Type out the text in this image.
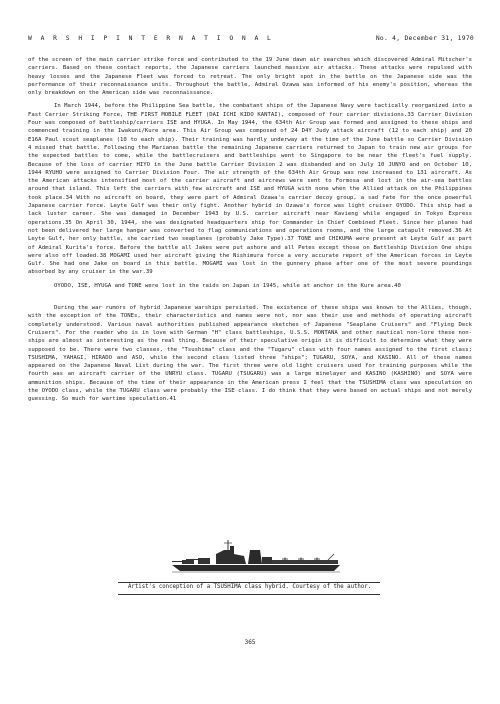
W A R S H I P I N T E R N A T I O N A L	No. 4, December 31, 1970

of the screen of the main carrier strike force and contributed to the 19 June dawn air searches which discovered Admiral Mitscher's carriers. Based on these contact reports, the Japanese carriers launched massive air attacks. These attacks were repulsed with heavy losses and the Japanese Fleet was forced to retreat. The only bright spot in the battle on the Japanese side was the performance of their reconnaissance units. Throughout the battle, Admiral Ozawa was informed of his enemy's position, whereas the only breakdown on the American side was reconnaissance.

In March 1944, before the Philippine Sea battle, the combatant ships of the Japanese Navy were tactically reorganized into a Fast Carrier Striking Force, THE FIRST MOBILE FLEET (DAI ICHI KIDO KANTAI), composed of four carrier divisions.33 Carrier Division Four was composed of battleship/carriers ISE and HYUGA. In May 1944, the 634th Air Group was formed and assigned to these ships and commenced training in the Iwakuni/Kure area. This Air Group was composed of 24 D4Y Judy attack aircraft (12 to each ship) and 20 E16A Paul scout seaplanes (10 to each ship). Their training was hardly underway at the time of the June battle so Carrier Division 4 missed that battle. Following the Marianas battle the remaining Japanese carriers returned to Japan to train new air groups for the expected battles to come, while the battlecruisers and battleships went to Singapore to be near the fleet's fuel supply. Because of the loss of carrier HIYO in the June battle Carrier Division 2 was disbanded and on July 10 JUNYO and on October 10, 1944 RYUHO were assigned to Carrier Division Four. The air strength of the 634th Air Group was now increased to 131 aircraft. As the American attacks intensified most of the carrier aircraft and aircrews were sent to Formosa and lost in the air-sea battles around that island. This left the carriers with few aircraft and ISE and HYUGA with none when the Allied attack on the Philippines took place.34 With no aircraft on board, they were part of Admiral Ozawa's carrier decoy group, a sad fate for the once powerful Japanese carrier force. Leyte Gulf was their only fight. Another hybrid in Ozawa's force was light cruiser OYODO. This ship had a lack luster career. She was damaged in December 1943 by U.S. carrier aircraft near Kavieng while engaged in Tokyo Express operations.35 On April 30, 1944, she was designated headquarters ship for Commander in Chief Combined Fleet. Since her planes had not been delivered her large hangar was converted to flag communications and operations rooms, and the large catapult removed.36 At Leyte Gulf, her only battle, she carried two seaplanes (probably Jake Type).37 TONE and CHIKUMA were present at Leyte Gulf as part of Admiral Kurita's force. Before the battle all Jakes were put ashore and all Petes except those on Battleship Division One ships were also off loaded.38 MOGAMI used her aircraft giving the Nishimura force a very accurate report of the American forces in Leyte Gulf. She had one Jake on board in this battle. MOGAMI was lost in the gunnery phase after one of the most severe poundings absorbed by any cruiser in the war.39

OYODO, ISE, HYUGA and TONE were lost in the raids on Japan in 1945, while at anchor in the Kure area.40

During the war rumors of hybrid Japanese warships persisted. The existence of these ships was known to the Allies, though, with the exception of the TONEs, their characteristics and names were not, nor was their use and methods of operating aircraft completely understood. Various naval authorities published appearance sketches of Japanese "Seaplane Cruisers" and "Flying Deck Cruisers". For the reader who is in love with German "H" class battleships, U.S.S. MONTANA and other nautical non-lore these non-ships are almost as interesting as the real thing. Because of their speculative origin it is difficult to determine what they were supposed to be. There were two classes, the "Tsushima" class and the "Tugaru" class with four names assigned to the first class; TSUSHIMA, YAHAGI, HIRADO and ASO, while the second class listed three "ships"; TUGARU, SOYA, and KASINO. All of these names appeared on the Japanese Naval List during the war. The first three were old light cruisers used for training purposes while the fourth was an aircraft carrier of the UNRYU class. TUGARU (TSUGARU) was a large minelayer and KASINO (KASHINO) and SOYA were ammunition ships. Because of the time of their appearance in the American press I feel that the TSUSHIMA class was speculation on the OYODO class, while the TUGARU class were probably the ISE class. I do think that they were based on actual ships and not merely guessing. So much for wartime speculation.41

Artist's conception of a TSUSHIMA class hybrid. Courtesy of the author.
365
